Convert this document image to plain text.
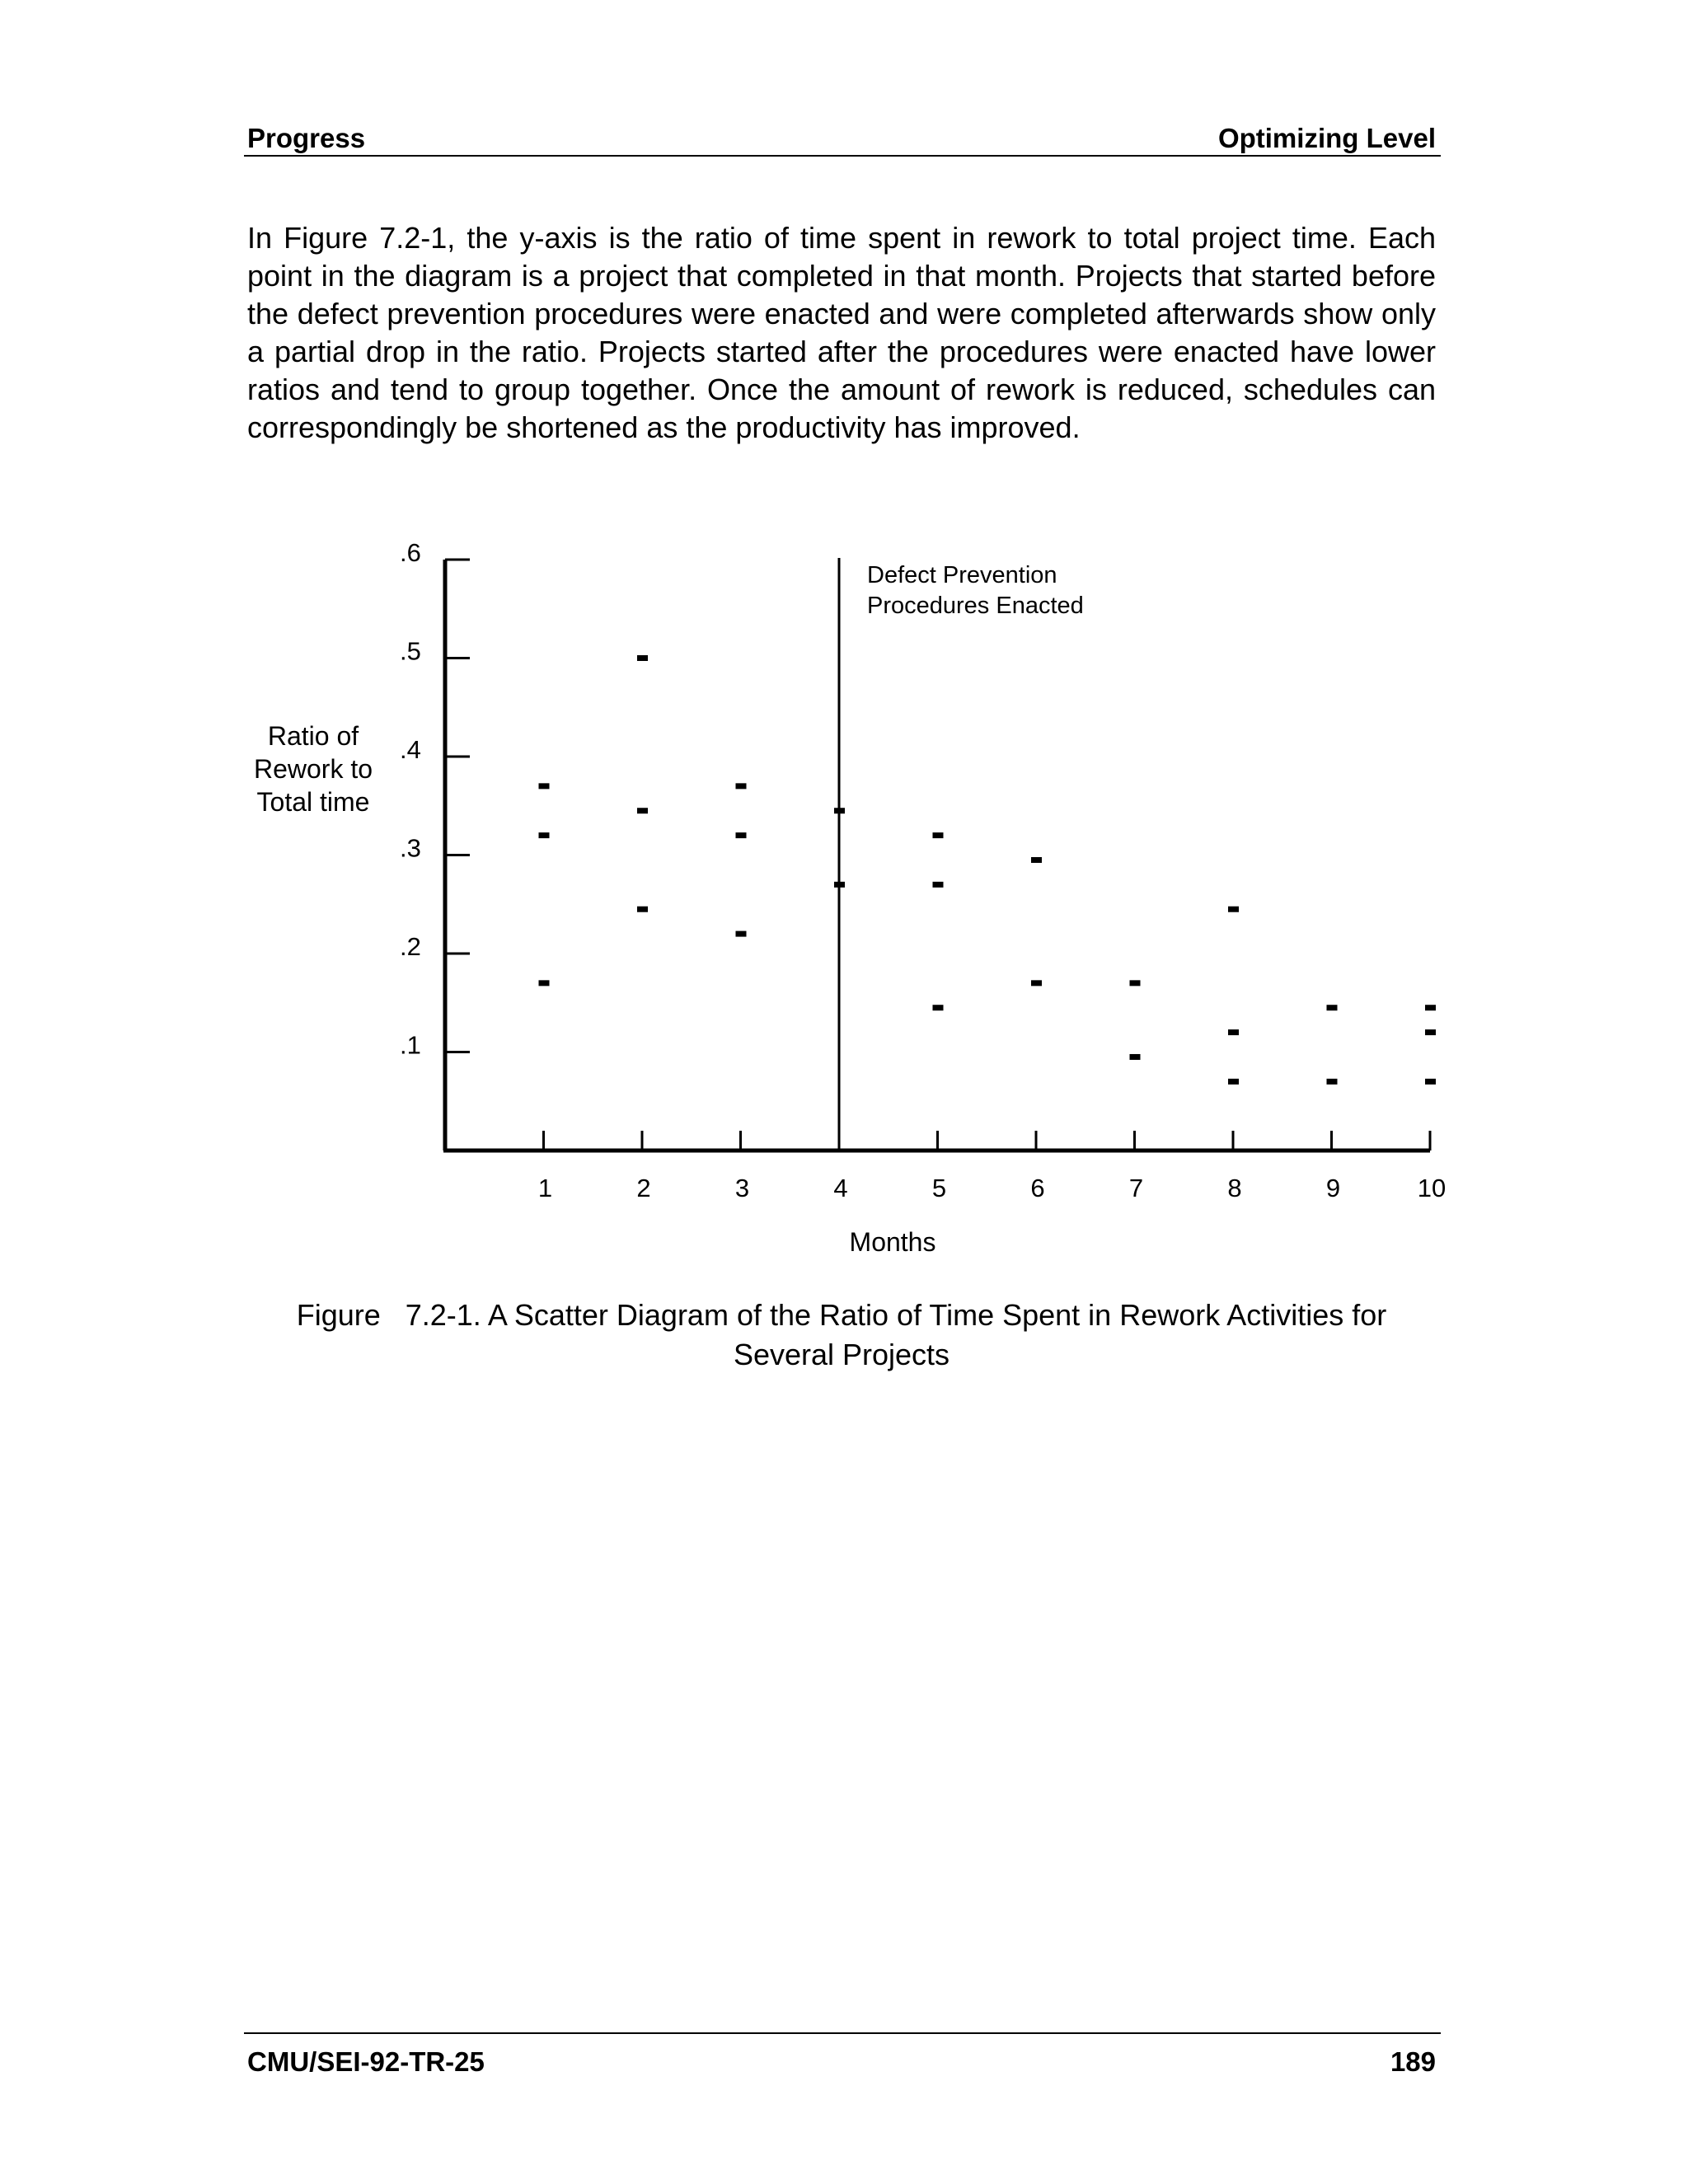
Progress	Optimizing Level

In Figure 7.2-1, the y-axis is the ratio of time spent in rework to total project time. Each point in the diagram is a project that completed in that month. Projects that started before the defect prevention procedures were enacted and were completed afterwards show only a partial drop in the ratio. Projects started after the procedures were enacted have lower ratios and tend to group together. Once the amount of rework is reduced, schedules can correspondingly be shortened as the productivity has improved.

.1
.2
.3
.4
.5
.6
1	2	3	4	5	6	7	8	9	10
Defect Prevention
Procedures Enacted
Ratio of
Rework to
Total time
Months
Figure   7.2-1. A Scatter Diagram of the Ratio of Time Spent in Rework Activities for
Several Projects
CMU/SEI-92-TR-25	189
